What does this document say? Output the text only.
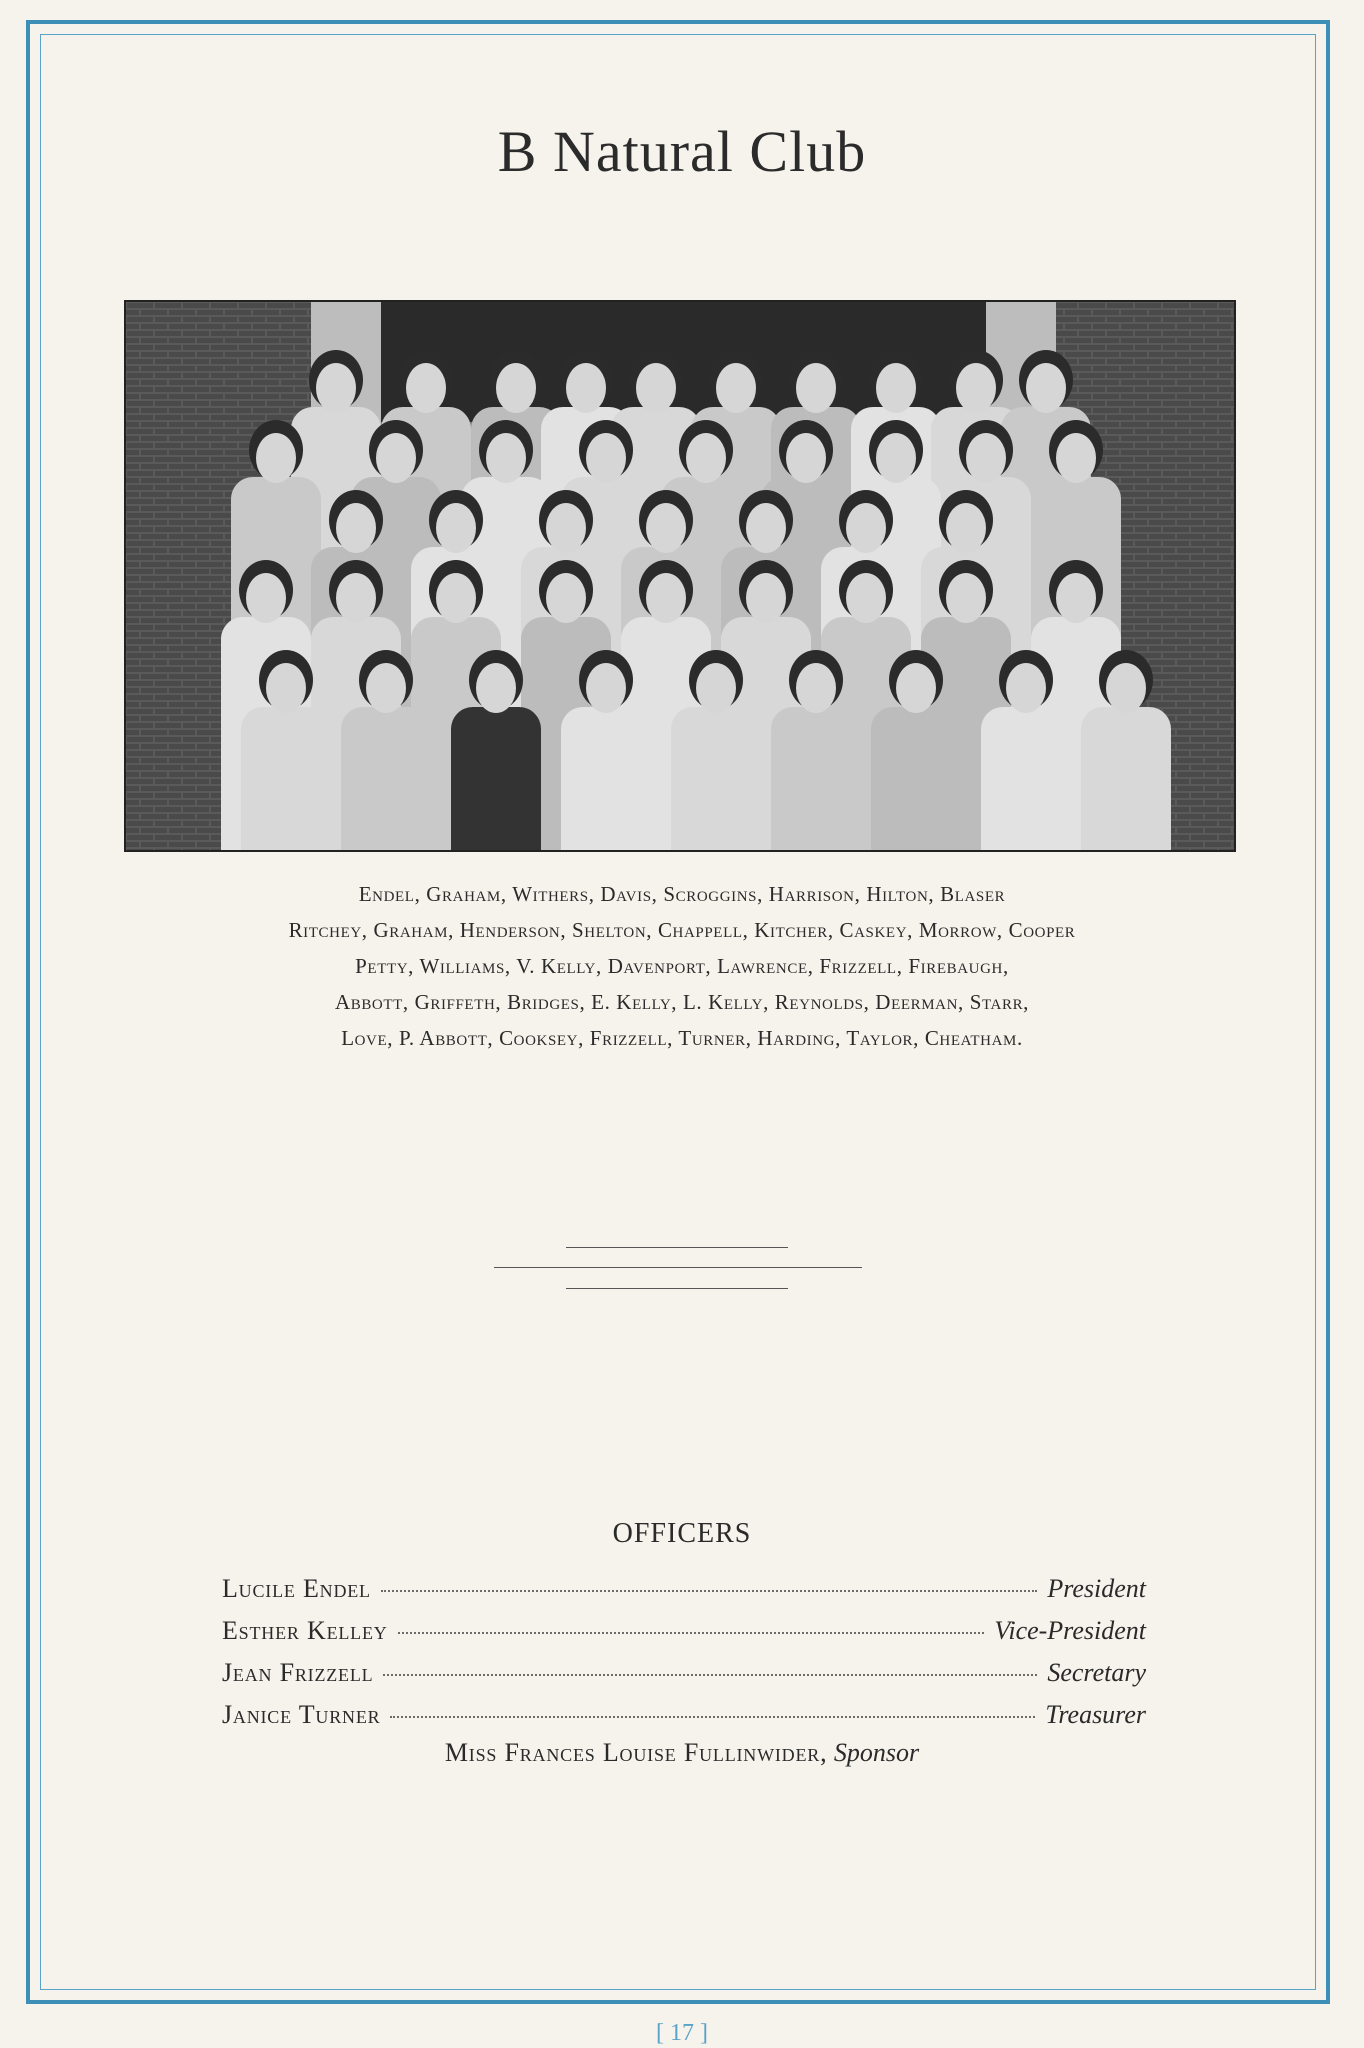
B Natural Club
Endel, Graham, Withers, Davis, Scroggins, Harrison, Hilton, Blaser
Ritchey, Graham, Henderson, Shelton, Chappell, Kitcher, Caskey, Morrow, Cooper
Petty, Williams, V. Kelly, Davenport, Lawrence, Frizzell, Firebaugh,
Abbott, Griffeth, Bridges, E. Kelly, L. Kelly, Reynolds, Deerman, Starr,
Love, P. Abbott, Cooksey, Frizzell, Turner, Harding, Taylor, Cheatham.
OFFICERS
Lucile Endel	President
Esther Kelley	Vice-President
Jean Frizzell	Secretary
Janice Turner	Treasurer
Miss Frances Louise Fullinwider, Sponsor
[ 17 ]
